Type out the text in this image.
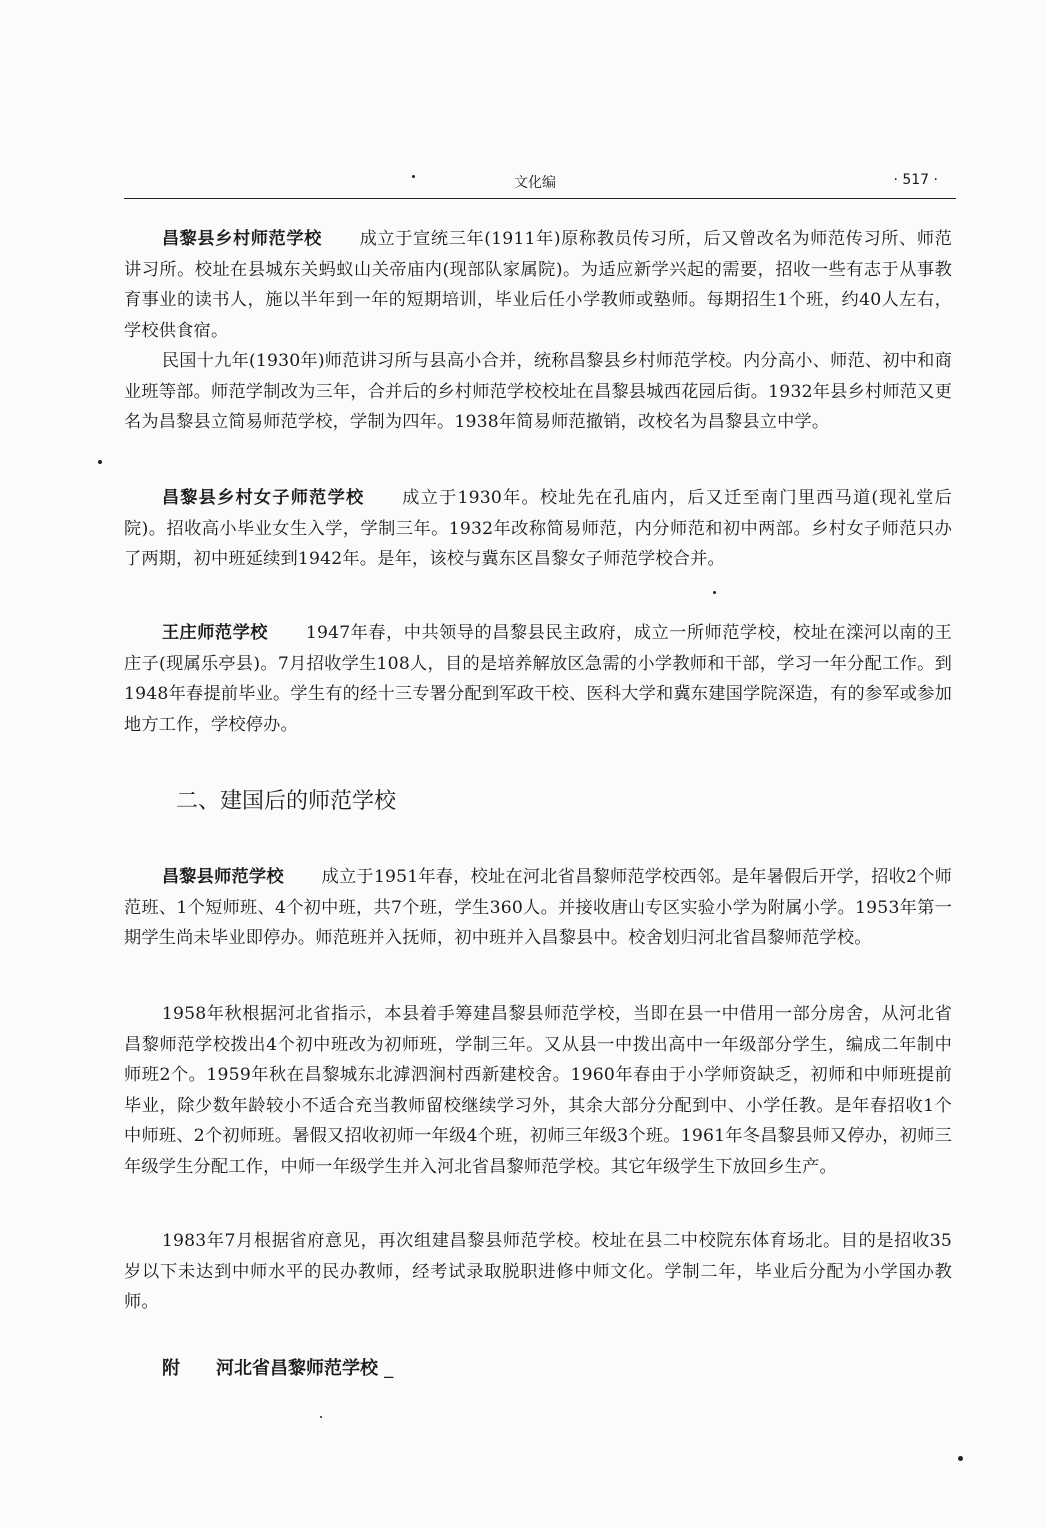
文化编	· 517 ·

昌黎县乡村师范学校 成立于宣统三年(1911年)原称教员传习所，后又曾改名为师范传习所、师范讲习所。校址在县城东关蚂蚁山关帝庙内(现部队家属院)。为适应新学兴起的需要，招收一些有志于从事教育事业的读书人，施以半年到一年的短期培训，毕业后任小学教师或塾师。每期招生1个班，约40人左右，学校供食宿。

民国十九年(1930年)师范讲习所与县高小合并，统称昌黎县乡村师范学校。内分高小、师范、初中和商业班等部。师范学制改为三年，合并后的乡村师范学校校址在昌黎县城西花园后街。1932年县乡村师范又更名为昌黎县立简易师范学校，学制为四年。1938年简易师范撤销，改校名为昌黎县立中学。

昌黎县乡村女子师范学校 成立于1930年。校址先在孔庙内，后又迁至南门里西马道(现礼堂后院)。招收高小毕业女生入学，学制三年。1932年改称简易师范，内分师范和初中两部。乡村女子师范只办了两期，初中班延续到1942年。是年，该校与冀东区昌黎女子师范学校合并。

王庄师范学校 1947年春，中共领导的昌黎县民主政府，成立一所师范学校，校址在滦河以南的王庄子(现属乐亭县)。7月招收学生108人，目的是培养解放区急需的小学教师和干部，学习一年分配工作。到1948年春提前毕业。学生有的经十三专署分配到军政干校、医科大学和冀东建国学院深造，有的参军或参加地方工作，学校停办。

二、建国后的师范学校

昌黎县师范学校 成立于1951年春，校址在河北省昌黎师范学校西邻。是年暑假后开学，招收2个师范班、1个短师班、4个初中班，共7个班，学生360人。并接收唐山专区实验小学为附属小学。1953年第一期学生尚未毕业即停办。师范班并入抚师，初中班并入昌黎县中。校舍划归河北省昌黎师范学校。

1958年秋根据河北省指示，本县着手筹建昌黎县师范学校，当即在县一中借用一部分房舍，从河北省昌黎师范学校拨出4个初中班改为初师班，学制三年。又从县一中拨出高中一年级部分学生，编成二年制中师班2个。1959年秋在昌黎城东北滹泗涧村西新建校舍。1960年春由于小学师资缺乏，初师和中师班提前毕业，除少数年龄较小不适合充当教师留校继续学习外，其余大部分分配到中、小学任教。是年春招收1个中师班、2个初师班。暑假又招收初师一年级4个班，初师三年级3个班。1961年冬昌黎县师又停办，初师三年级学生分配工作，中师一年级学生并入河北省昌黎师范学校。其它年级学生下放回乡生产。

1983年7月根据省府意见，再次组建昌黎县师范学校。校址在县二中校院东体育场北。目的是招收35岁以下未达到中师水平的民办教师，经考试录取脱职进修中师文化。学制二年，毕业后分配为小学国办教师。

附 河北省昌黎师范学校 _
